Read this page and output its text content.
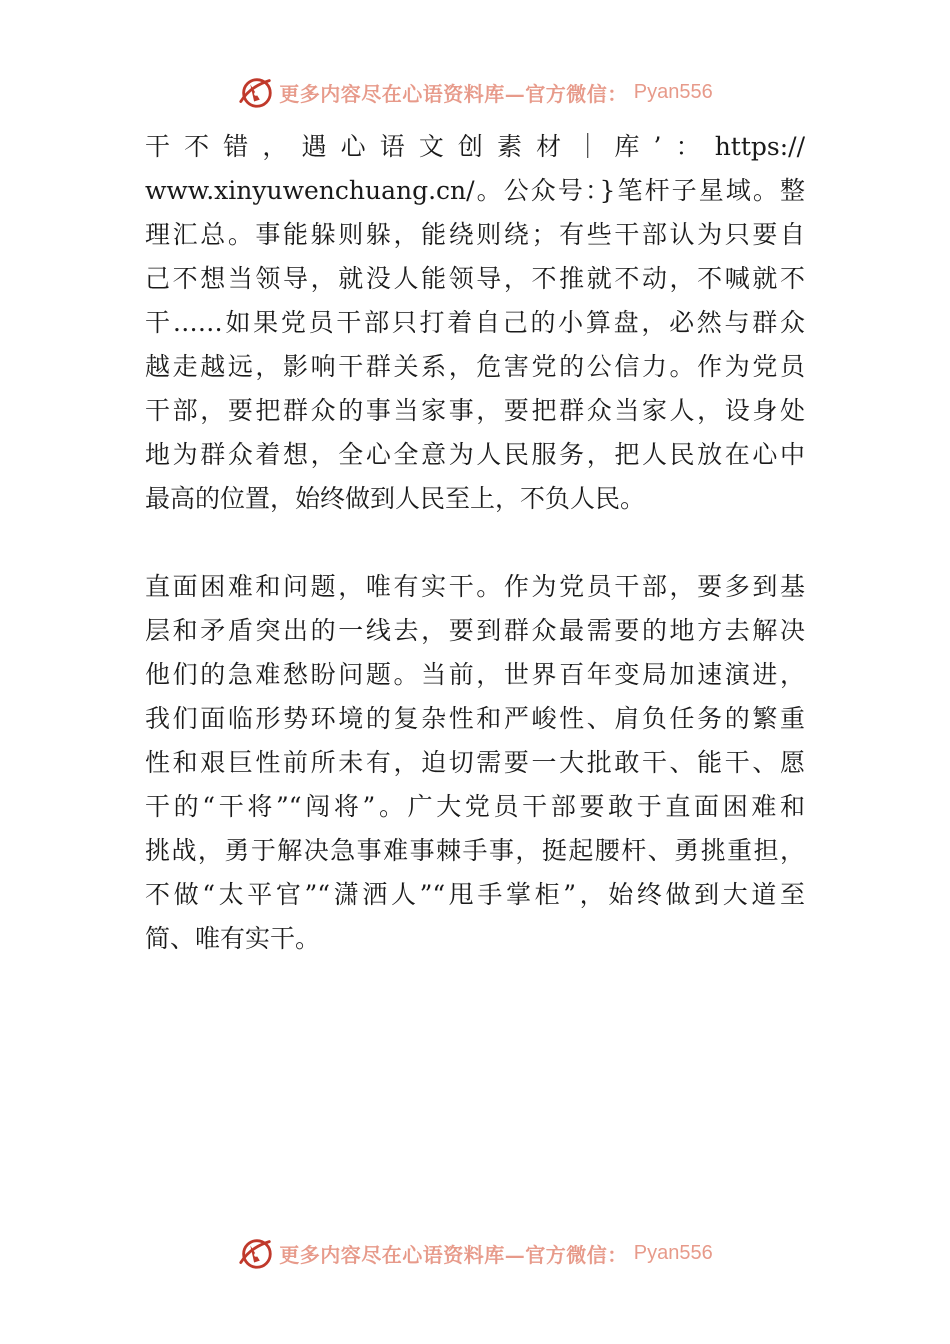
更多内容尽在心语资料库—官方微信： Pyan556
干不错，遇心语文创素材｜库’：https://
www.xinyuwenchuang.cn/。公众号：}笔杆子星域。整
理汇总。事能躲则躲，能绕则绕；有些干部认为只要自
己不想当领导，就没人能领导，不推就不动，不喊就不
干……如果党员干部只打着自己的小算盘，必然与群众
越走越远，影响干群关系，危害党的公信力。作为党员
干部，要把群众的事当家事，要把群众当家人，设身处
地为群众着想，全心全意为人民服务，把人民放在心中
最高的位置，始终做到人民至上，不负人民。
直面困难和问题，唯有实干。作为党员干部，要多到基
层和矛盾突出的一线去，要到群众最需要的地方去解决
他们的急难愁盼问题。当前，世界百年变局加速演进，
我们面临形势环境的复杂性和严峻性、肩负任务的繁重
性和艰巨性前所未有，迫切需要一大批敢干、能干、愿
干的“干将”“闯将”。广大党员干部要敢于直面困难和
挑战，勇于解决急事难事棘手事，挺起腰杆、勇挑重担，
不做“太平官”“潇洒人”“甩手掌柜”，始终做到大道至
简、唯有实干。
更多内容尽在心语资料库—官方微信： Pyan556
